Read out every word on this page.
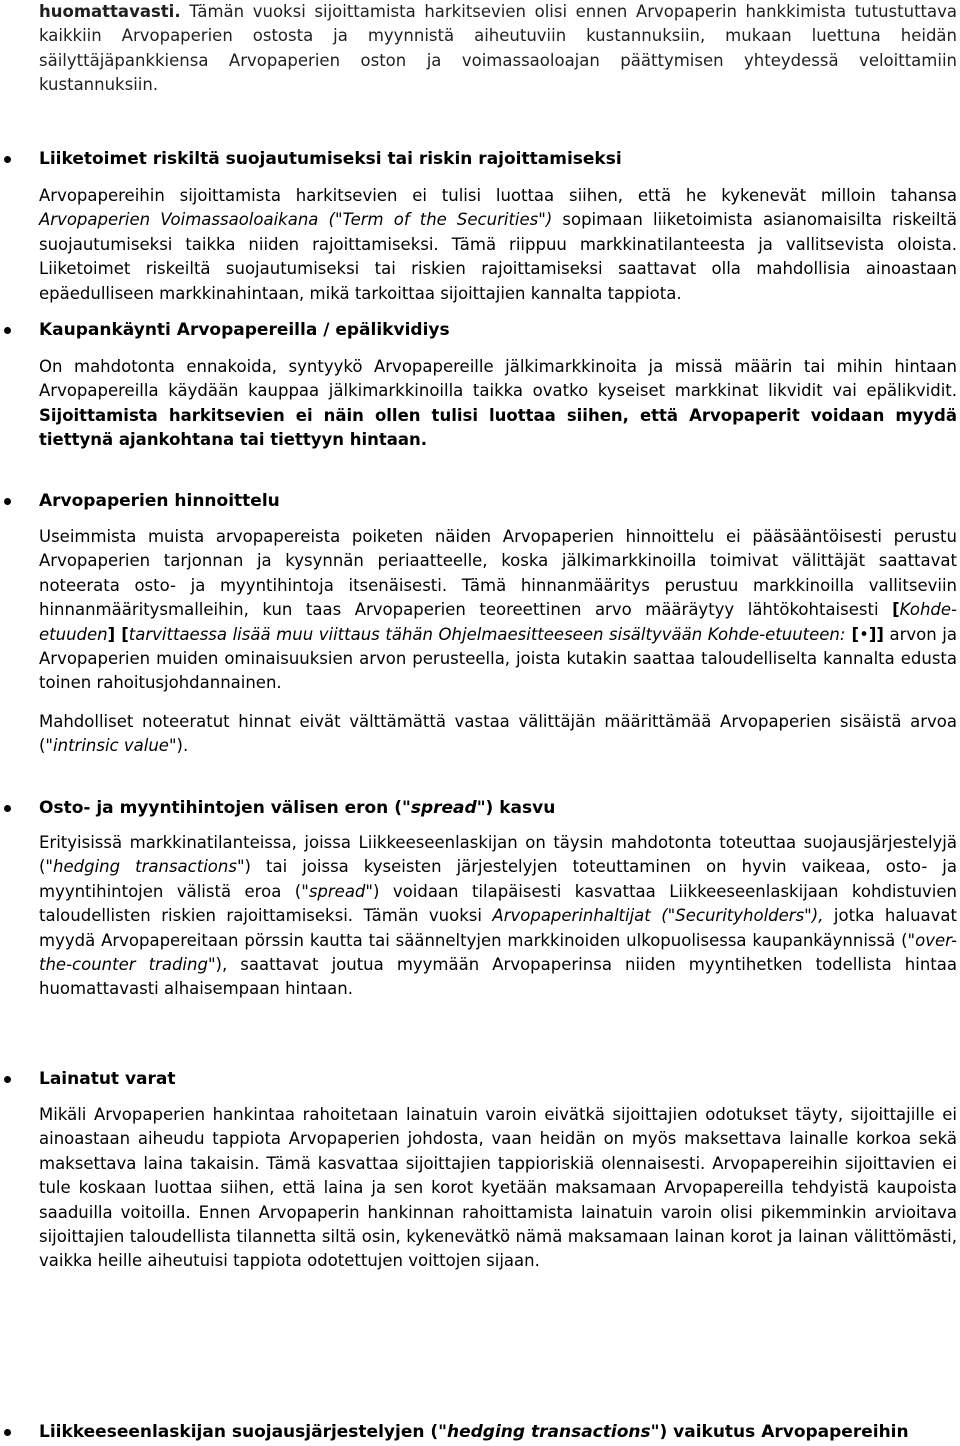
huomattavasti. Tämän vuoksi sijoittamista harkitsevien olisi ennen Arvopaperin hankkimista tutustuttava kaikkiin Arvopaperien ostosta ja myynnistä aiheutuviin kustannuksiin, mukaan luettuna heidän säilyttäjäpankkiensa Arvopaperien oston ja voimassaoloajan päättymisen yhteydessä veloittamiin kustannuksiin.

Liiketoimet riskiltä suojautumiseksi tai riskin rajoittamiseksi

Arvopapereihin sijoittamista harkitsevien ei tulisi luottaa siihen, että he kykenevät milloin tahansa Arvopaperien Voimassaoloaikana ("Term of the Securities") sopimaan liiketoimista asianomaisilta riskeiltä suojautumiseksi taikka niiden rajoittamiseksi. Tämä riippuu markkinatilanteesta ja vallitsevista oloista. Liiketoimet riskeiltä suojautumiseksi tai riskien rajoittamiseksi saattavat olla mahdollisia ainoastaan epäedulliseen markkinahintaan, mikä tarkoittaa sijoittajien kannalta tappiota.

Kaupankäynti Arvopapereilla / epälikvidiys

On mahdotonta ennakoida, syntyykö Arvopapereille jälkimarkkinoita ja missä määrin tai mihin hintaan Arvopapereilla käydään kauppaa jälkimarkkinoilla taikka ovatko kyseiset markkinat likvidit vai epälikvidit. Sijoittamista harkitsevien ei näin ollen tulisi luottaa siihen, että Arvopaperit voidaan myydä tiettynä ajankohtana tai tiettyyn hintaan.

Arvopaperien hinnoittelu

Useimmista muista arvopapereista poiketen näiden Arvopaperien hinnoittelu ei pääsääntöisesti perustu Arvopaperien tarjonnan ja kysynnän periaatteelle, koska jälkimarkkinoilla toimivat välittäjät saattavat noteerata osto- ja myyntihintoja itsenäisesti. Tämä hinnanmääritys perustuu markkinoilla vallitseviin hinnanmääritysmalleihin, kun taas Arvopaperien teoreettinen arvo määräytyy lähtökohtaisesti [Kohde-etuuden] [tarvittaessa lisää muu viittaus tähän Ohjelmaesitteeseen sisältyvään Kohde-etuuteen: [•]] arvon ja Arvopaperien muiden ominaisuuksien arvon perusteella, joista kutakin saattaa taloudelliselta kannalta edusta toinen rahoitusjohdannainen.

Mahdolliset noteeratut hinnat eivät välttämättä vastaa välittäjän määrittämää Arvopaperien sisäistä arvoa ("intrinsic value").

Osto- ja myyntihintojen välisen eron ("spread") kasvu

Erityisissä markkinatilanteissa, joissa Liikkeeseenlaskijan on täysin mahdotonta toteuttaa suojausjärjestelyjä ("hedging transactions") tai joissa kyseisten järjestelyjen toteuttaminen on hyvin vaikeaa, osto- ja myyntihintojen välistä eroa ("spread") voidaan tilapäisesti kasvattaa Liikkeeseenlaskijaan kohdistuvien taloudellisten riskien rajoittamiseksi. Tämän vuoksi Arvopaperinhaltijat ("Securityholders"), jotka haluavat myydä Arvopapereitaan pörssin kautta tai säänneltyjen markkinoiden ulkopuolisessa kaupankäynnissä ("over-the-counter trading"), saattavat joutua myymään Arvopaperinsa niiden myyntihetken todellista hintaa huomattavasti alhaisempaan hintaan.

Lainatut varat

Mikäli Arvopaperien hankintaa rahoitetaan lainatuin varoin eivätkä sijoittajien odotukset täyty, sijoittajille ei ainoastaan aiheudu tappiota Arvopaperien johdosta, vaan heidän on myös maksettava lainalle korkoa sekä maksettava laina takaisin. Tämä kasvattaa sijoittajien tappioriskiä olennaisesti. Arvopapereihin sijoittavien ei tule koskaan luottaa siihen, että laina ja sen korot kyetään maksamaan Arvopapereilla tehdyistä kaupoista saaduilla voitoilla. Ennen Arvopaperin hankinnan rahoittamista lainatuin varoin olisi pikemminkin arvioitava sijoittajien taloudellista tilannetta siltä osin, kykenevätkö nämä maksamaan lainan korot ja lainan välittömästi, vaikka heille aiheutuisi tappiota odotettujen voittojen sijaan.

Liikkeeseenlaskijan suojausjärjestelyjen ("hedging transactions") vaikutus Arvopapereihin
